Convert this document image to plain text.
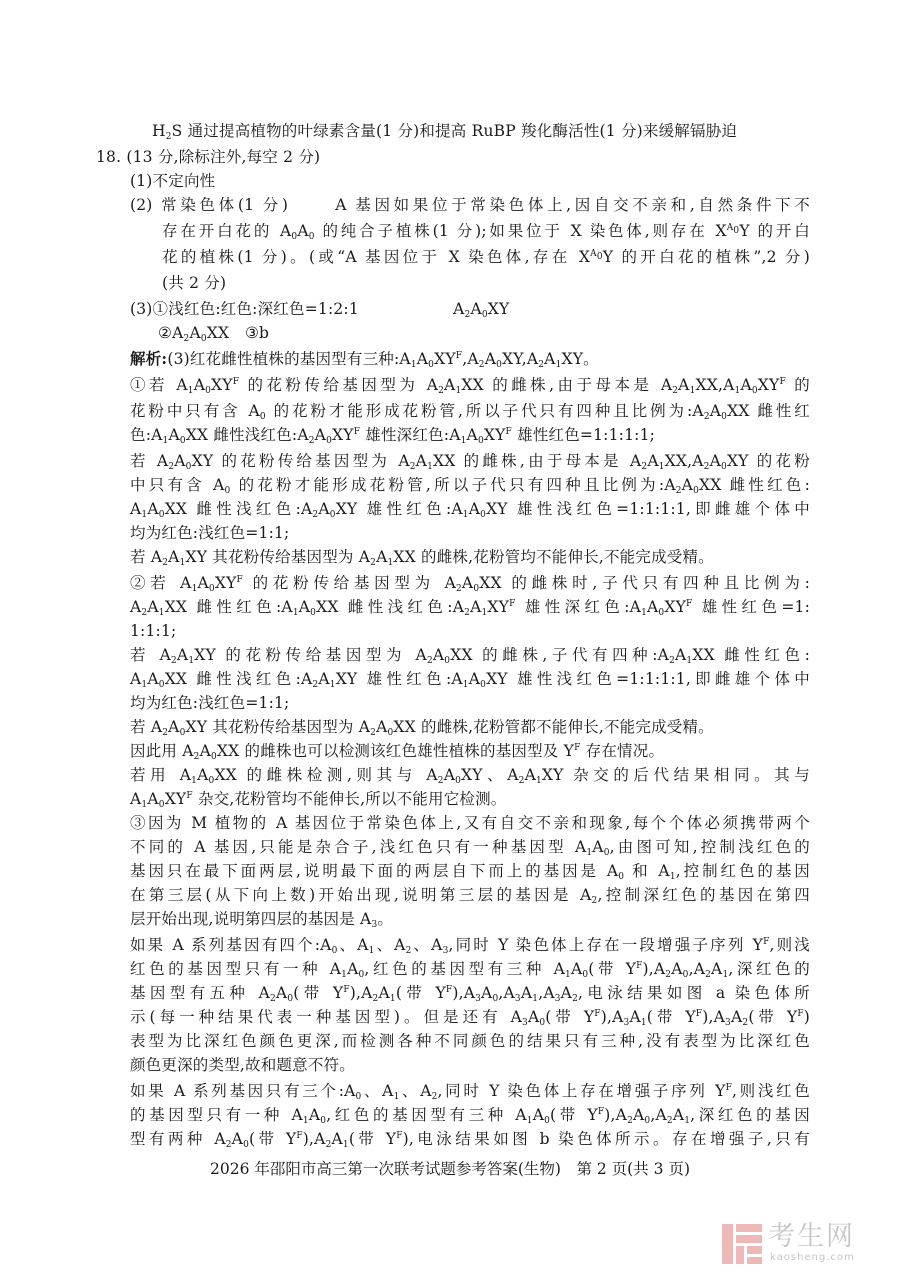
$H_2S$ 通过提高植物的叶绿素含量(1 分)和提高 RuBP 羧化酶活性(1 分)来缓解镉胁迫
18. (13 分,除标注外,每空 2 分)
(1)不定向性
(2) 常染色体(1 分)   A 基因如果位于常染色体上,因自交不亲和,自然条件下不
存在开白花的 $A_0A_0$ 的纯合子植株(1 分);如果位于 X 染色体,则存在 $X^{A_0}Y$ 的开白
花的植株(1 分)。(或“A 基因位于 X 染色体,存在 $X^{A_0}Y$ 的开白花的植株”,2 分)
(共 2 分)
(3)①浅红色:红色:深红色=1:2:1      $A_2A_0XY$
$②A_2A_0XX$ ③b
解析:(3)红花雌性植株的基因型有三种$:A_1A_0XY^F,A_2A_0XY,A_2A_1XY$。
①若 $A_1A_0XY^F$ 的花粉传给基因型为 $A_2A_1XX$ 的雌株,由于母本是 $A_2A_1XX,A_1A_0XY^F$ 的
花粉中只有含 $A_0$ 的花粉才能形成花粉管,所以子代只有四种且比例为$:A_2A_0XX$ 雌性红
色$:A_1A_0XX$ 雌性浅红色$:A_2A_0XY^F$ 雄性深红色$:A_1A_0XY^F$ 雄性红色=1:1:1:1;
若 $A_2A_0XY$ 的花粉传给基因型为 $A_2A_1XX$ 的雌株,由于母本是 $A_2A_1XX,A_2A_0XY$ 的花粉
中只有含 $A_0$ 的花粉才能形成花粉管,所以子代只有四种且比例为$:A_2A_0XX$ 雌性红色:
$A_1A_0XX$ 雌性浅红色$:A_2A_0XY$ 雄性红色$:A_1A_0XY$ 雄性浅红色=1:1:1:1,即雌雄个体中
均为红色:浅红色=1:1;
若 $A_2A_1XY$ 其花粉传给基因型为 $A_2A_1XX$ 的雌株,花粉管均不能伸长,不能完成受精。
②若 $A_1A_0XY^F$ 的花粉传给基因型为 $A_2A_0XX$ 的雌株时,子代只有四种且比例为:
$A_2A_1XX$ 雌性红色$:A_1A_0XX$ 雌性浅红色$:A_2A_1XY^F$ 雄性深红色$:A_1A_0XY^F$ 雄性红色=1:
1:1:1;
若 $A_2A_1XY$ 的花粉传给基因型为 $A_2A_0XX$ 的雌株,子代有四种$:A_2A_1XX$ 雌性红色:
$A_1A_0XX$ 雌性浅红色$:A_2A_1XY$ 雄性红色$:A_1A_0XY$ 雄性浅红色=1:1:1:1,即雌雄个体中
均为红色:浅红色=1:1;
若 $A_2A_0XY$ 其花粉传给基因型为 $A_2A_0XX$ 的雌株,花粉管都不能伸长,不能完成受精。
因此用 $A_2A_0XX$ 的雌株也可以检测该红色雄性植株的基因型及 $Y^F$ 存在情况。
若用 $A_1A_0XX$ 的雌株检测,则其与 $A_2A_0XY$、$A_2A_1XY$ 杂交的后代结果相同。其与
$A_1A_0XY^F$ 杂交,花粉管均不能伸长,所以不能用它检测。
③因为 M 植物的 A 基因位于常染色体上,又有自交不亲和现象,每个个体必须携带两个
不同的 A 基因,只能是杂合子,浅红色只有一种基因型 $A_1A_0$,由图可知,控制浅红色的
基因只在最下面两层,说明最下面的两层自下而上的基因是 $A_0$ 和 $A_1$,控制红色的基因
在第三层(从下向上数)开始出现,说明第三层的基因是 $A_2$,控制深红色的基因在第四
层开始出现,说明第四层的基因是 $A_3$。
如果 A 系列基因有四个$:A_0$、$A_1$、$A_2$、$A_3$,同时 Y 染色体上存在一段增强子序列 $Y^F$,则浅
红色的基因型只有一种 $A_1A_0$,红色的基因型有三种 $A_1A_0$(带 $Y^F),A_2A_0,A_2A_1$,深红色的
基因型有五种 $A_2A_0$(带 $Y^F),A_2A_1$(带 $Y^F),A_3A_0,A_3A_1,A_3A_2$,电泳结果如图 a 染色体所
示(每一种结果代表一种基因型)。但是还有 $A_3A_0$(带 $Y^F),A_3A_1$(带 $Y^F),A_3A_2$(带 $Y^F$)
表型为比深红色颜色更深,而检测各种不同颜色的结果只有三种,没有表型为比深红色
颜色更深的类型,故和题意不符。
如果 A 系列基因只有三个$:A_0$、$A_1$、$A_2$,同时 Y 染色体上存在增强子序列 $Y^F$,则浅红色
的基因型只有一种 $A_1A_0$,红色的基因型有三种 $A_1A_0$(带 $Y^F),A_2A_0,A_2A_1$,深红色的基因
型有两种 $A_2A_0$(带 $Y^F),A_2A_1$(带 $Y^F$),电泳结果如图 b 染色体所示。存在增强子,只有
2026 年邵阳市高三第一次联考试题参考答案(生物) 第 2 页(共 3 页)
考生网
kaosheng.com
